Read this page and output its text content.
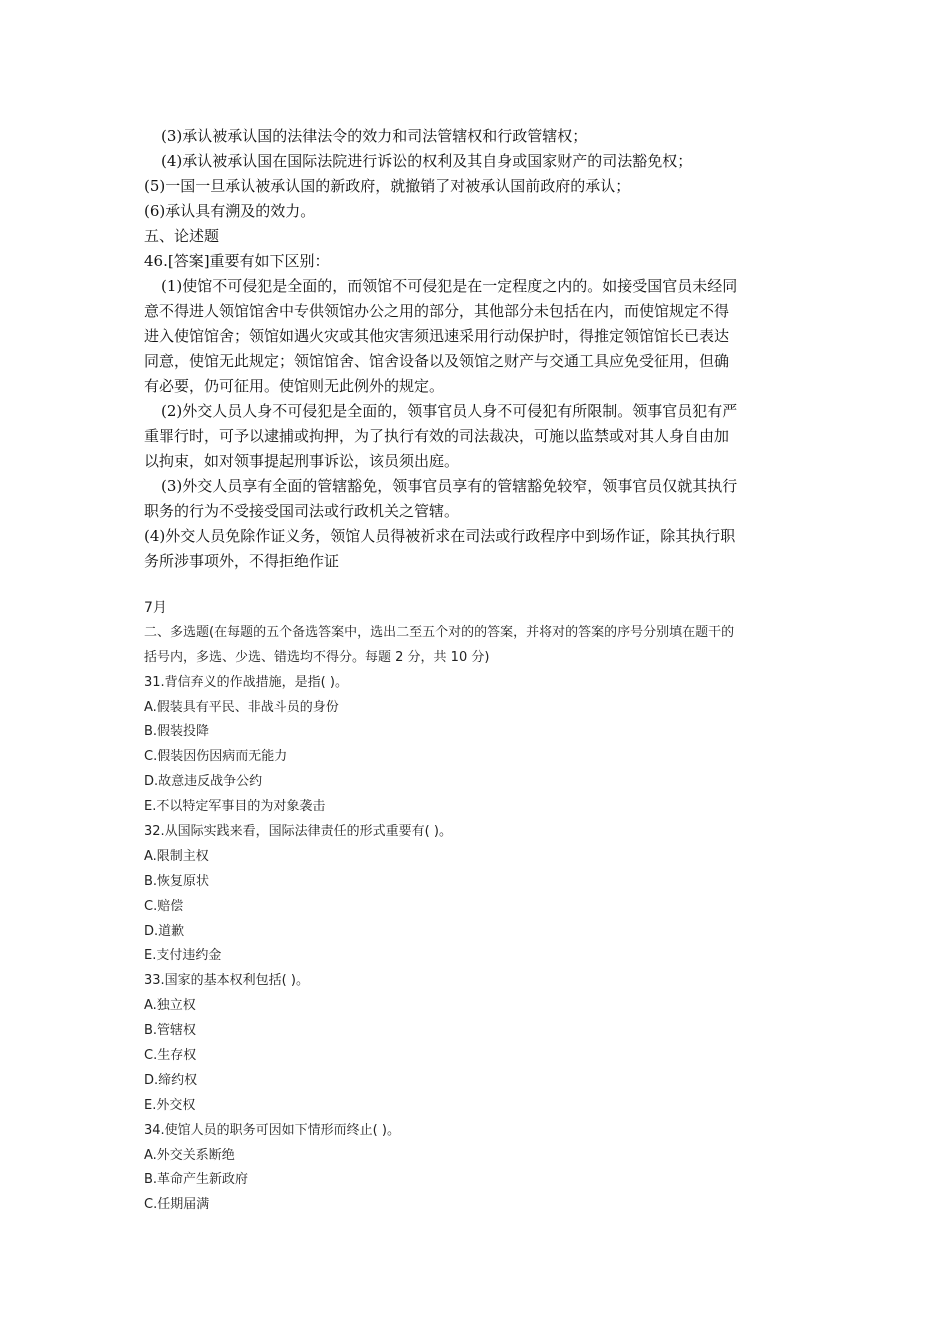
(3)承认被承认国的法律法令的效力和司法管辖权和行政管辖权；
(4)承认被承认国在国际法院进行诉讼的权利及其自身或国家财产的司法豁免权；
(5)一国一旦承认被承认国的新政府，就撤销了对被承认国前政府的承认；
(6)承认具有溯及的效力。
五、论述题
46.[答案]重要有如下区别：
(1)使馆不可侵犯是全面的，而领馆不可侵犯是在一定程度之内的。如接受国官员未经同
意不得进人领馆馆舍中专供领馆办公之用的部分，其他部分未包括在内，而使馆规定不得
进入使馆馆舍；领馆如遇火灾或其他灾害须迅速采用行动保护时，得推定领馆馆长已表达
同意，使馆无此规定；领馆馆舍、馆舍设备以及领馆之财产与交通工具应免受征用，但确
有必要，仍可征用。使馆则无此例外的规定。
(2)外交人员人身不可侵犯是全面的，领事官员人身不可侵犯有所限制。领事官员犯有严
重罪行时，可予以逮捕或拘押，为了执行有效的司法裁决，可施以监禁或对其人身自由加
以拘束，如对领事提起刑事诉讼，该员须出庭。
(3)外交人员享有全面的管辖豁免，领事官员享有的管辖豁免较窄，领事官员仅就其执行
职务的行为不受接受国司法或行政机关之管辖。
(4)外交人员免除作证义务，领馆人员得被祈求在司法或行政程序中到场作证，除其执行职
务所涉事项外，不得拒绝作证
7月
二、多选题(在每题的五个备选答案中，选出二至五个对的的答案，并将对的答案的序号分别填在题干的
括号内，多选、少选、错选均不得分。每题 2 分，共 10 分)
31.背信弃义的作战措施，是指( )。
A.假装具有平民、非战斗员的身份
B.假装投降
C.假装因伤因病而无能力
D.故意违反战争公约
E.不以特定军事目的为对象袭击
32.从国际实践来看，国际法律责任的形式重要有( )。
A.限制主权
B.恢复原状
C.赔偿
D.道歉
E.支付违约金
33.国家的基本权利包括( )。
A.独立权
B.管辖权
C.生存权
D.缔约权
E.外交权
34.使馆人员的职务可因如下情形而终止( )。
A.外交关系断绝
B.革命产生新政府
C.任期届满
